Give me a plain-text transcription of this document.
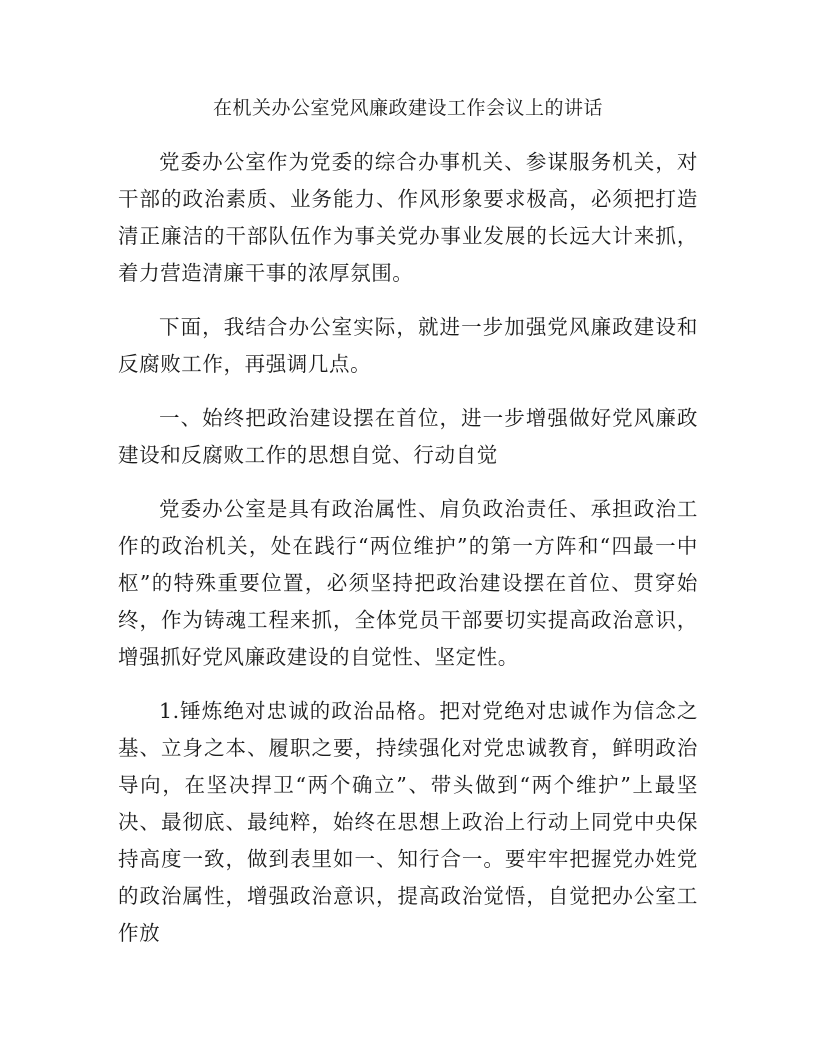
在机关办公室党风廉政建设工作会议上的讲话

党委办公室作为党委的综合办事机关、参谋服务机关，对干部的政治素质、业务能力、作风形象要求极高，必须把打造清正廉洁的干部队伍作为事关党办事业发展的长远大计来抓，着力营造清廉干事的浓厚氛围。

下面，我结合办公室实际，就进一步加强党风廉政建设和反腐败工作，再强调几点。

一、始终把政治建设摆在首位，进一步增强做好党风廉政建设和反腐败工作的思想自觉、行动自觉

党委办公室是具有政治属性、肩负政治责任、承担政治工作的政治机关，处在践行“两位维护”的第一方阵和“四最一中枢”的特殊重要位置，必须坚持把政治建设摆在首位、贯穿始终，作为铸魂工程来抓，全体党员干部要切实提高政治意识，增强抓好党风廉政建设的自觉性、坚定性。

1.锤炼绝对忠诚的政治品格。把对党绝对忠诚作为信念之基、立身之本、履职之要，持续强化对党忠诚教育，鲜明政治导向，在坚决捍卫“两个确立”、带头做到“两个维护”上最坚决、最彻底、最纯粹，始终在思想上政治上行动上同党中央保持高度一致，做到表里如一、知行合一。要牢牢把握党办姓党的政治属性，增强政治意识，提高政治觉悟，自觉把办公室工作放
